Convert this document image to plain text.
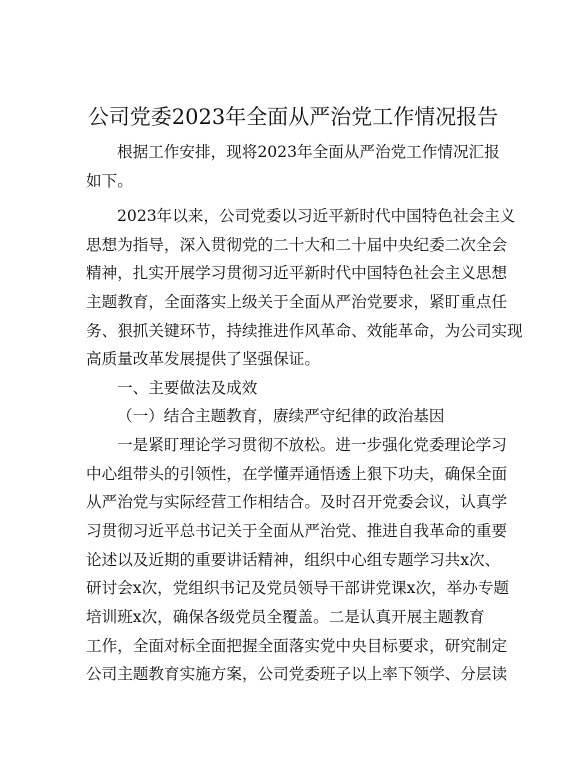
公司党委2023年全面从严治党工作情况报告
根据工作安排，现将2023年全面从严治党工作情况汇报
如下。
2023年以来，公司党委以习近平新时代中国特色社会主义
思想为指导，深入贯彻党的二十大和二十届中央纪委二次全会
精神，扎实开展学习贯彻习近平新时代中国特色社会主义思想
主题教育，全面落实上级关于全面从严治党要求，紧盯重点任
务、狠抓关键环节，持续推进作风革命、效能革命，为公司实现
高质量改革发展提供了坚强保证。
一、主要做法及成效
（一）结合主题教育，赓续严守纪律的政治基因
一是紧盯理论学习贯彻不放松。进一步强化党委理论学习
中心组带头的引领性，在学懂弄通悟透上狠下功夫，确保全面
从严治党与实际经营工作相结合。及时召开党委会议，认真学
习贯彻习近平总书记关于全面从严治党、推进自我革命的重要
论述以及近期的重要讲话精神，组织中心组专题学习共x次、
研讨会x次，党组织书记及党员领导干部讲党课x次，举办专题
培训班x次，确保各级党员全覆盖。二是认真开展主题教育
工作，全面对标全面把握全面落实党中央目标要求，研究制定
公司主题教育实施方案，公司党委班子以上率下领学、分层读
